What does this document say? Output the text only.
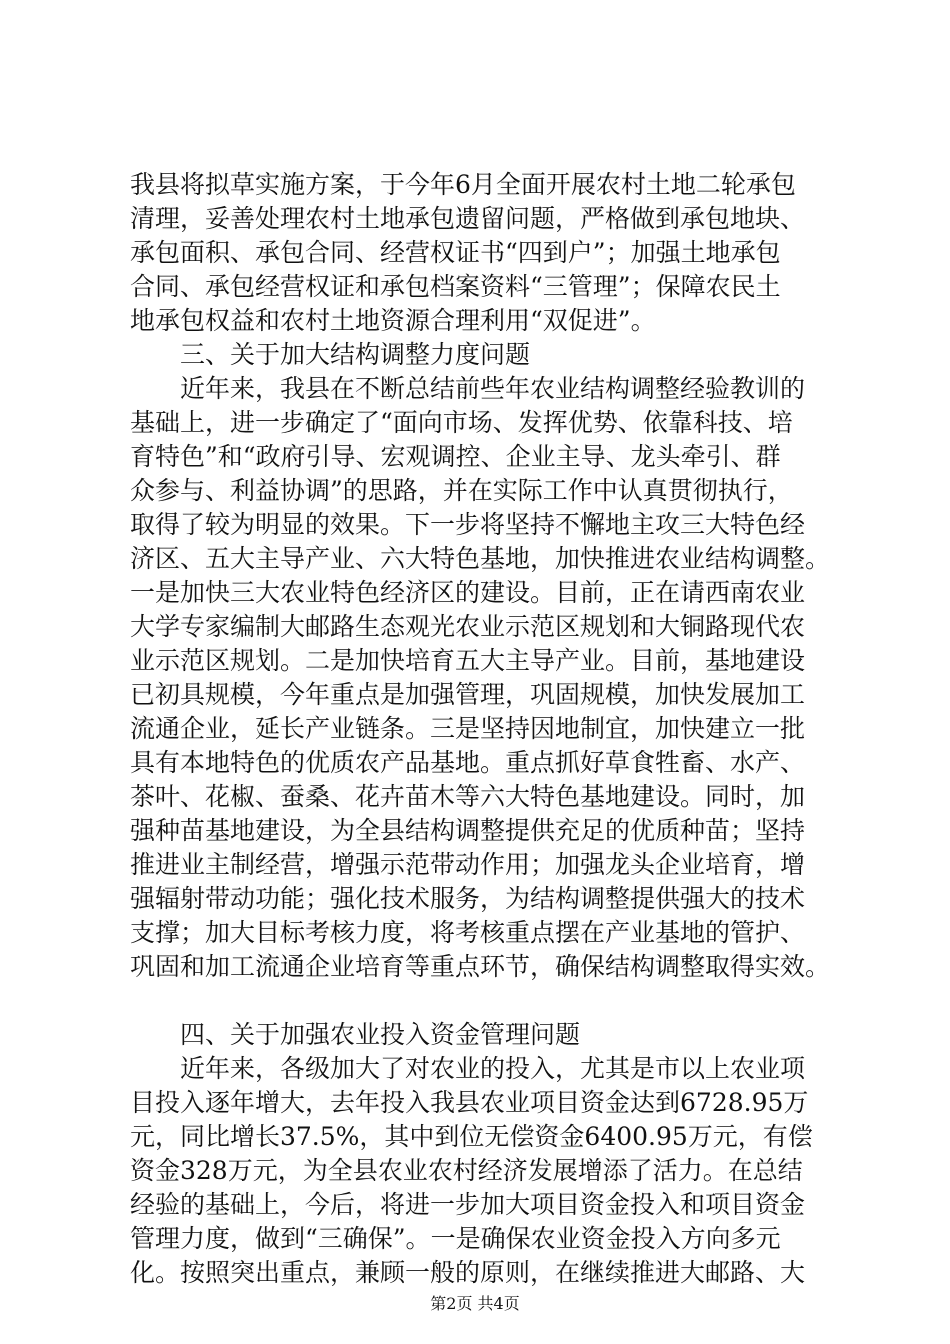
我县将拟草实施方案，于今年6月全面开展农村土地二轮承包
清理，妥善处理农村土地承包遗留问题，严格做到承包地块、
承包面积、承包合同、经营权证书“四到户”；加强土地承包
合同、承包经营权证和承包档案资料“三管理”；保障农民土
地承包权益和农村土地资源合理利用“双促进”。
　　三、关于加大结构调整力度问题
　　近年来，我县在不断总结前些年农业结构调整经验教训的
基础上，进一步确定了“面向市场、发挥优势、依靠科技、培
育特色”和“政府引导、宏观调控、企业主导、龙头牵引、群
众参与、利益协调”的思路，并在实际工作中认真贯彻执行，
取得了较为明显的效果。下一步将坚持不懈地主攻三大特色经
济区、五大主导产业、六大特色基地，加快推进农业结构调整。
一是加快三大农业特色经济区的建设。目前，正在请西南农业
大学专家编制大邮路生态观光农业示范区规划和大铜路现代农
业示范区规划。二是加快培育五大主导产业。目前，基地建设
已初具规模，今年重点是加强管理，巩固规模，加快发展加工
流通企业，延长产业链条。三是坚持因地制宜，加快建立一批
具有本地特色的优质农产品基地。重点抓好草食牲畜、水产、
茶叶、花椒、蚕桑、花卉苗木等六大特色基地建设。同时，加
强种苗基地建设，为全县结构调整提供充足的优质种苗；坚持
推进业主制经营，增强示范带动作用；加强龙头企业培育，增
强辐射带动功能；强化技术服务，为结构调整提供强大的技术
支撑；加大目标考核力度，将考核重点摆在产业基地的管护、
巩固和加工流通企业培育等重点环节，确保结构调整取得实效。
　　四、关于加强农业投入资金管理问题
　　近年来，各级加大了对农业的投入，尤其是市以上农业项
目投入逐年增大，去年投入我县农业项目资金达到6728.95万
元，同比增长37.5%，其中到位无偿资金6400.95万元，有偿
资金328万元，为全县农业农村经济发展增添了活力。在总结
经验的基础上，今后，将进一步加大项目资金投入和项目资金
管理力度，做到“三确保”。一是确保农业资金投入方向多元
化。按照突出重点，兼顾一般的原则，在继续推进大邮路、大
第2页 共4页
